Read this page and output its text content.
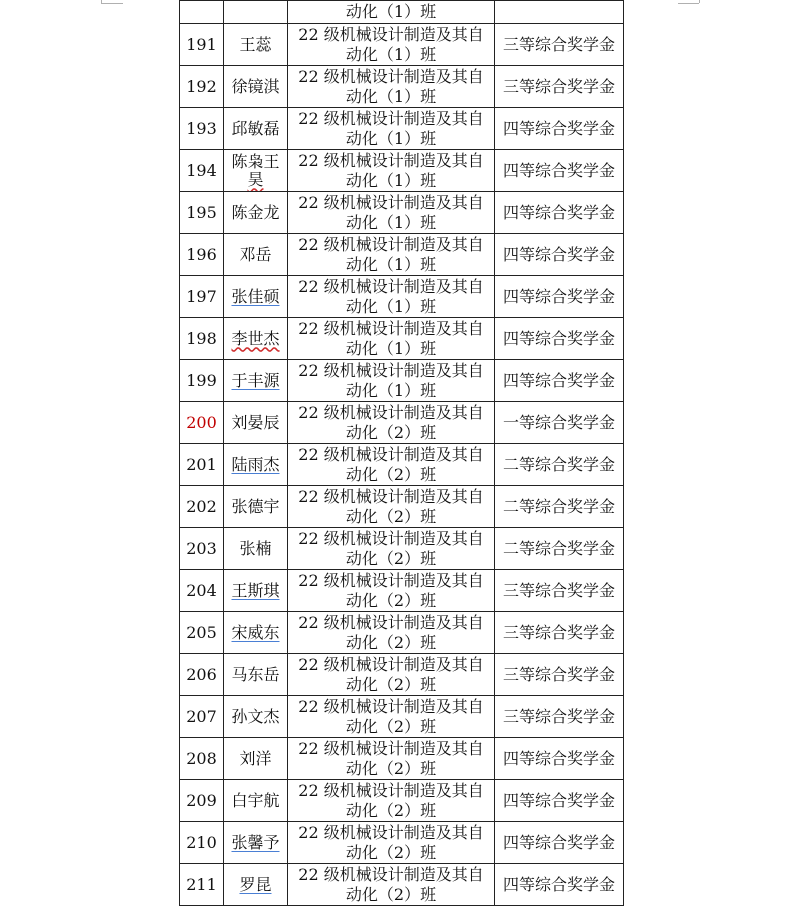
		动化（1）班	

191	王蕊	22 级机械设计制造及其自
动化（1）班	三等综合奖学金
192	徐镜淇	22 级机械设计制造及其自
动化（1）班	三等综合奖学金
193	邱敏磊	22 级机械设计制造及其自
动化（1）班	四等综合奖学金
194	陈枭王
昊	22 级机械设计制造及其自
动化（1）班	四等综合奖学金
195	陈金龙	22 级机械设计制造及其自
动化（1）班	四等综合奖学金
196	邓岳	22 级机械设计制造及其自
动化（1）班	四等综合奖学金
197	张佳硕	22 级机械设计制造及其自
动化（1）班	四等综合奖学金
198	李世杰	22 级机械设计制造及其自
动化（1）班	四等综合奖学金
199	于丰源	22 级机械设计制造及其自
动化（1）班	四等综合奖学金
200	刘晏辰	22 级机械设计制造及其自
动化（2）班	一等综合奖学金
201	陆雨杰	22 级机械设计制造及其自
动化（2）班	二等综合奖学金
202	张德宇	22 级机械设计制造及其自
动化（2）班	二等综合奖学金
203	张楠	22 级机械设计制造及其自
动化（2）班	二等综合奖学金
204	王斯琪	22 级机械设计制造及其自
动化（2）班	三等综合奖学金
205	宋威东	22 级机械设计制造及其自
动化（2）班	三等综合奖学金
206	马东岳	22 级机械设计制造及其自
动化（2）班	三等综合奖学金
207	孙文杰	22 级机械设计制造及其自
动化（2）班	三等综合奖学金
208	刘洋	22 级机械设计制造及其自
动化（2）班	四等综合奖学金
209	白宇航	22 级机械设计制造及其自
动化（2）班	四等综合奖学金
210	张馨予	22 级机械设计制造及其自
动化（2）班	四等综合奖学金
211	罗昆	22 级机械设计制造及其自
动化（2）班	四等综合奖学金
